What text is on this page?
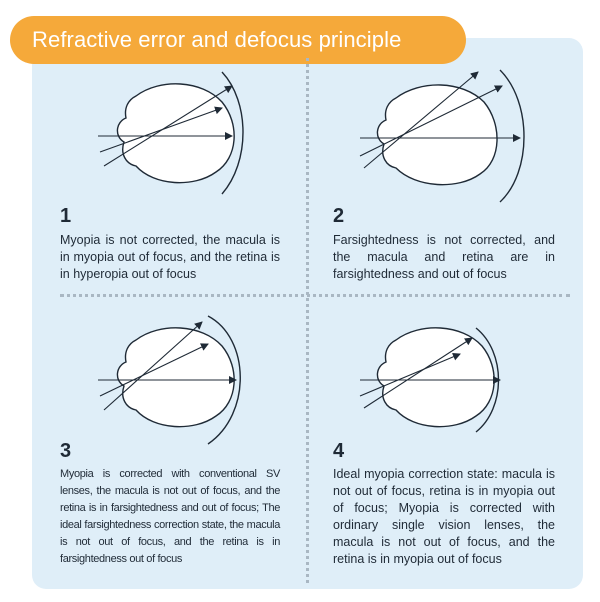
Refractive error and defocus principle
1
Myopia is not corrected, the macula is in myopia out of focus, and the retina is in hyperopia out of focus
2
Farsightedness is not corrected, and the macula and retina are in farsightedness and out of focus
3
Myopia is corrected with conventional SV lenses, the macula is not out of focus, and the retina is in farsightedness and out of focus; The ideal farsightedness correction state, the macula is not out of focus, and the retina is in farsightedness out of focus
4
Ideal myopia correction state: macula is not out of focus, retina is in myopia out of focus; Myopia is corrected with ordinary single vision lenses, the macula is not out of focus, and the retina is in myopia out of focus
